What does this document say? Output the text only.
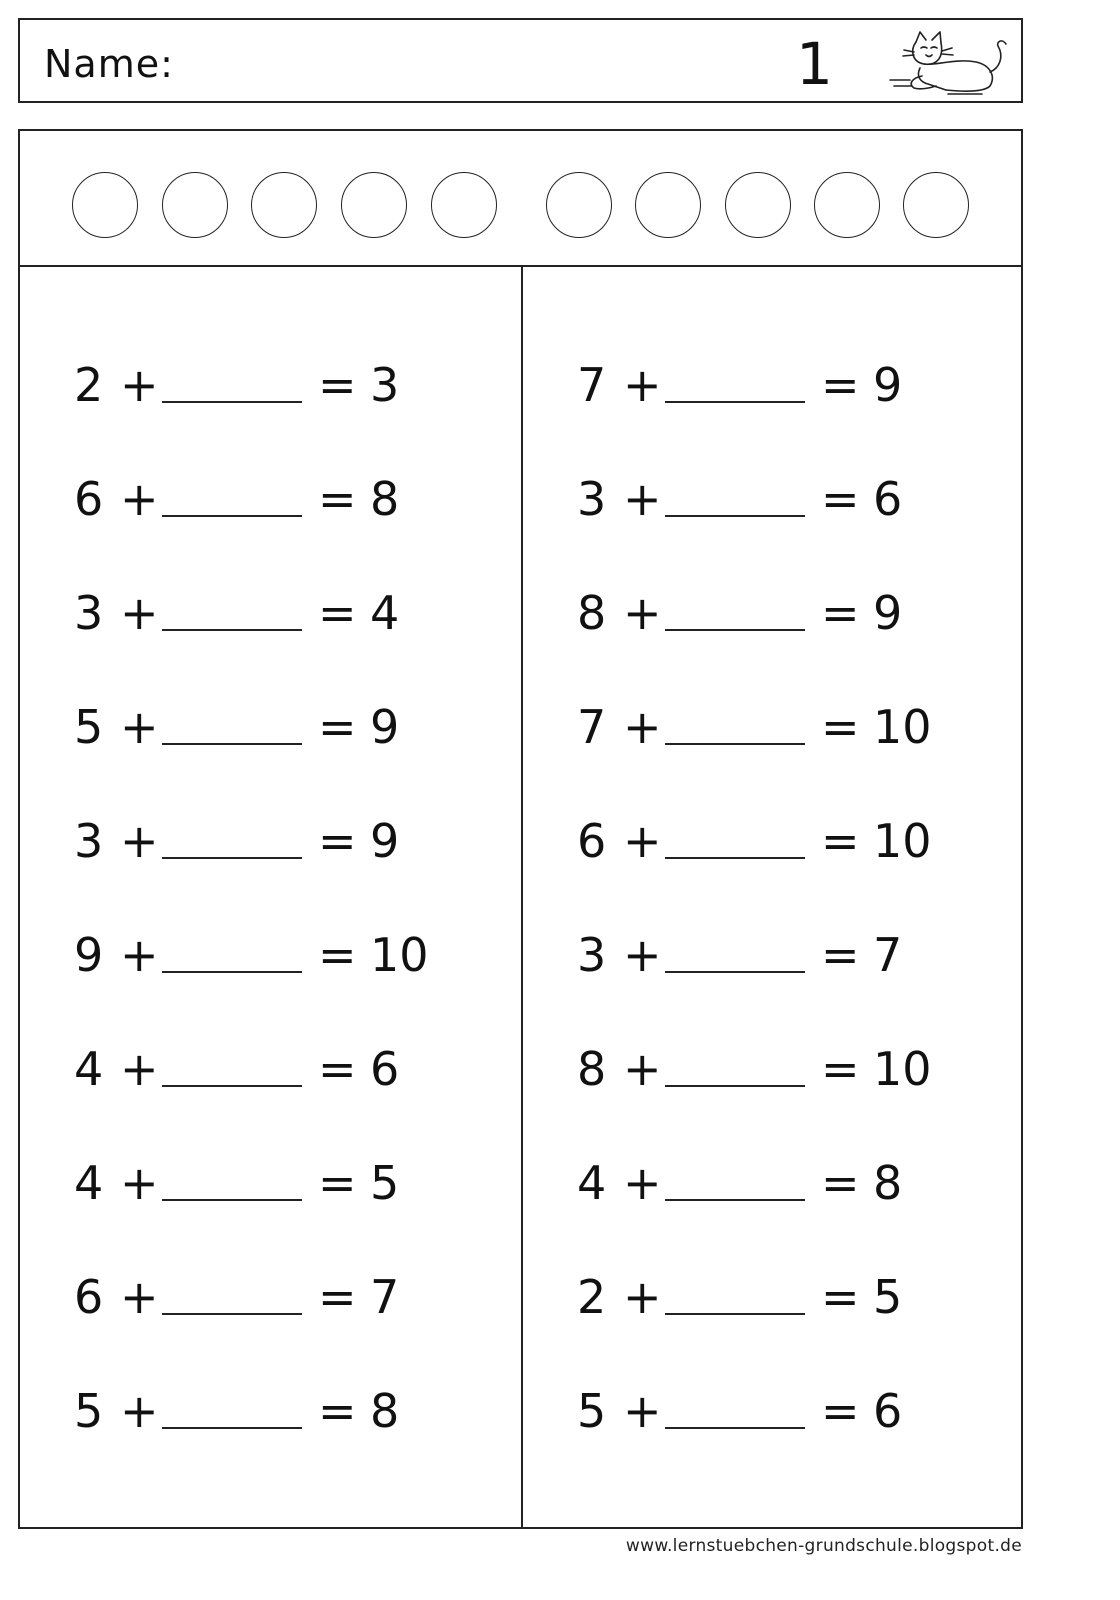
Name:	1
2 +	= 3
6 +	= 8
3 +	= 4
5 +	= 9
3 +	= 9
9 +	= 10
4 +	= 6
4 +	= 5
6 +	= 7
5 +	= 8
7 +	= 9
3 +	= 6
8 +	= 9
7 +	= 10
6 +	= 10
3 +	= 7
8 +	= 10
4 +	= 8
2 +	= 5
5 +	= 6
www.lernstuebchen-grundschule.blogspot.de
